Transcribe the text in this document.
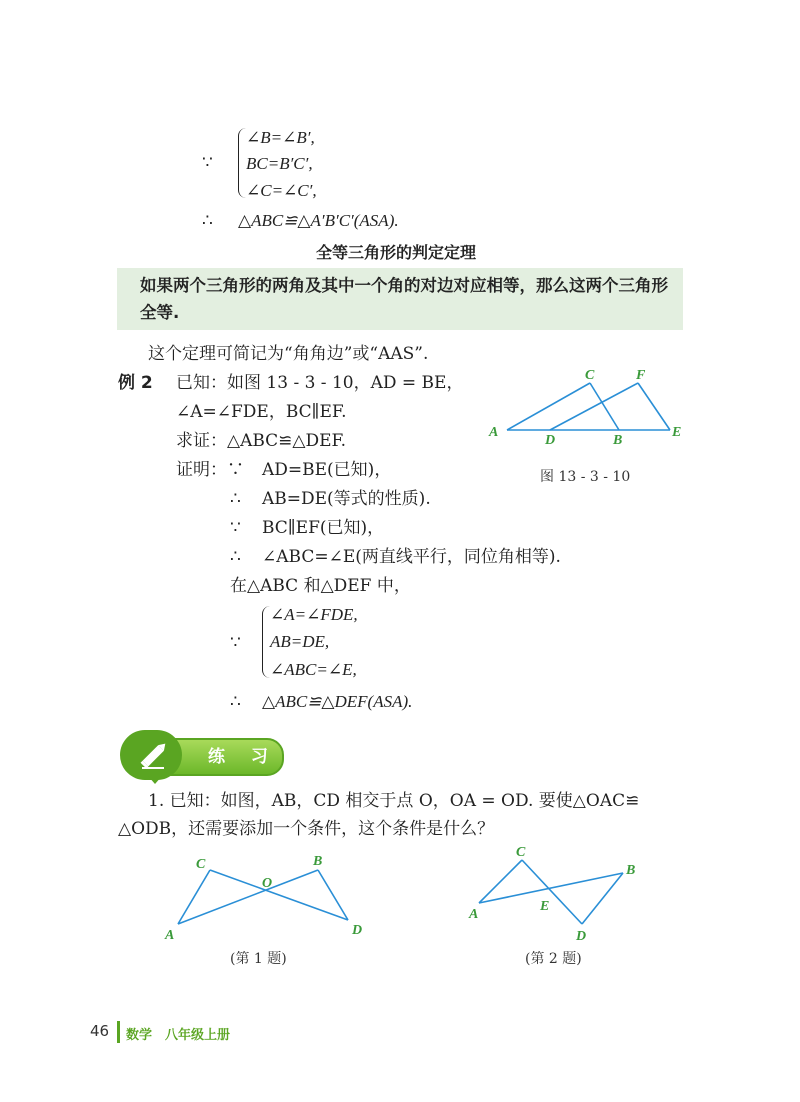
∵
∠B=∠B′,
BC=B′C′,
∠C=∠C′,
∴ △ABC≌△A′B′C′(ASA).
全等三角形的判定定理
如果两个三角形的两角及其中一个角的对边对应相等，那么这两个三角形全等.
这个定理可简记为“角角边”或“AAS”.
例 2 已知：如图 13 - 3 - 10，AD = BE，
∠A=∠FDE，BC∥EF.
求证：△ABC≌△DEF.
证明：∵ AD=BE(已知)，
∴ AB=DE(等式的性质).
∵ BC∥EF(已知)，
∴ ∠ABC=∠E(两直线平行，同位角相等).
在△ABC 和△DEF 中，
∵
∠A=∠FDE,
AB=DE,
∠ABC=∠E,
∴ △ABC≌△DEF(ASA).
A
D	B
E
C	F
图 13 - 3 - 10
练 习
1. 已知：如图，AB，CD 相交于点 O，OA = OD. 要使△OAC≌
△ODB，还需要添加一个条件，这个条件是什么？
C	B
O
A	D
(第 1 题)
C
B
E
A
D
(第 2 题)
46 数学　八年级上册
